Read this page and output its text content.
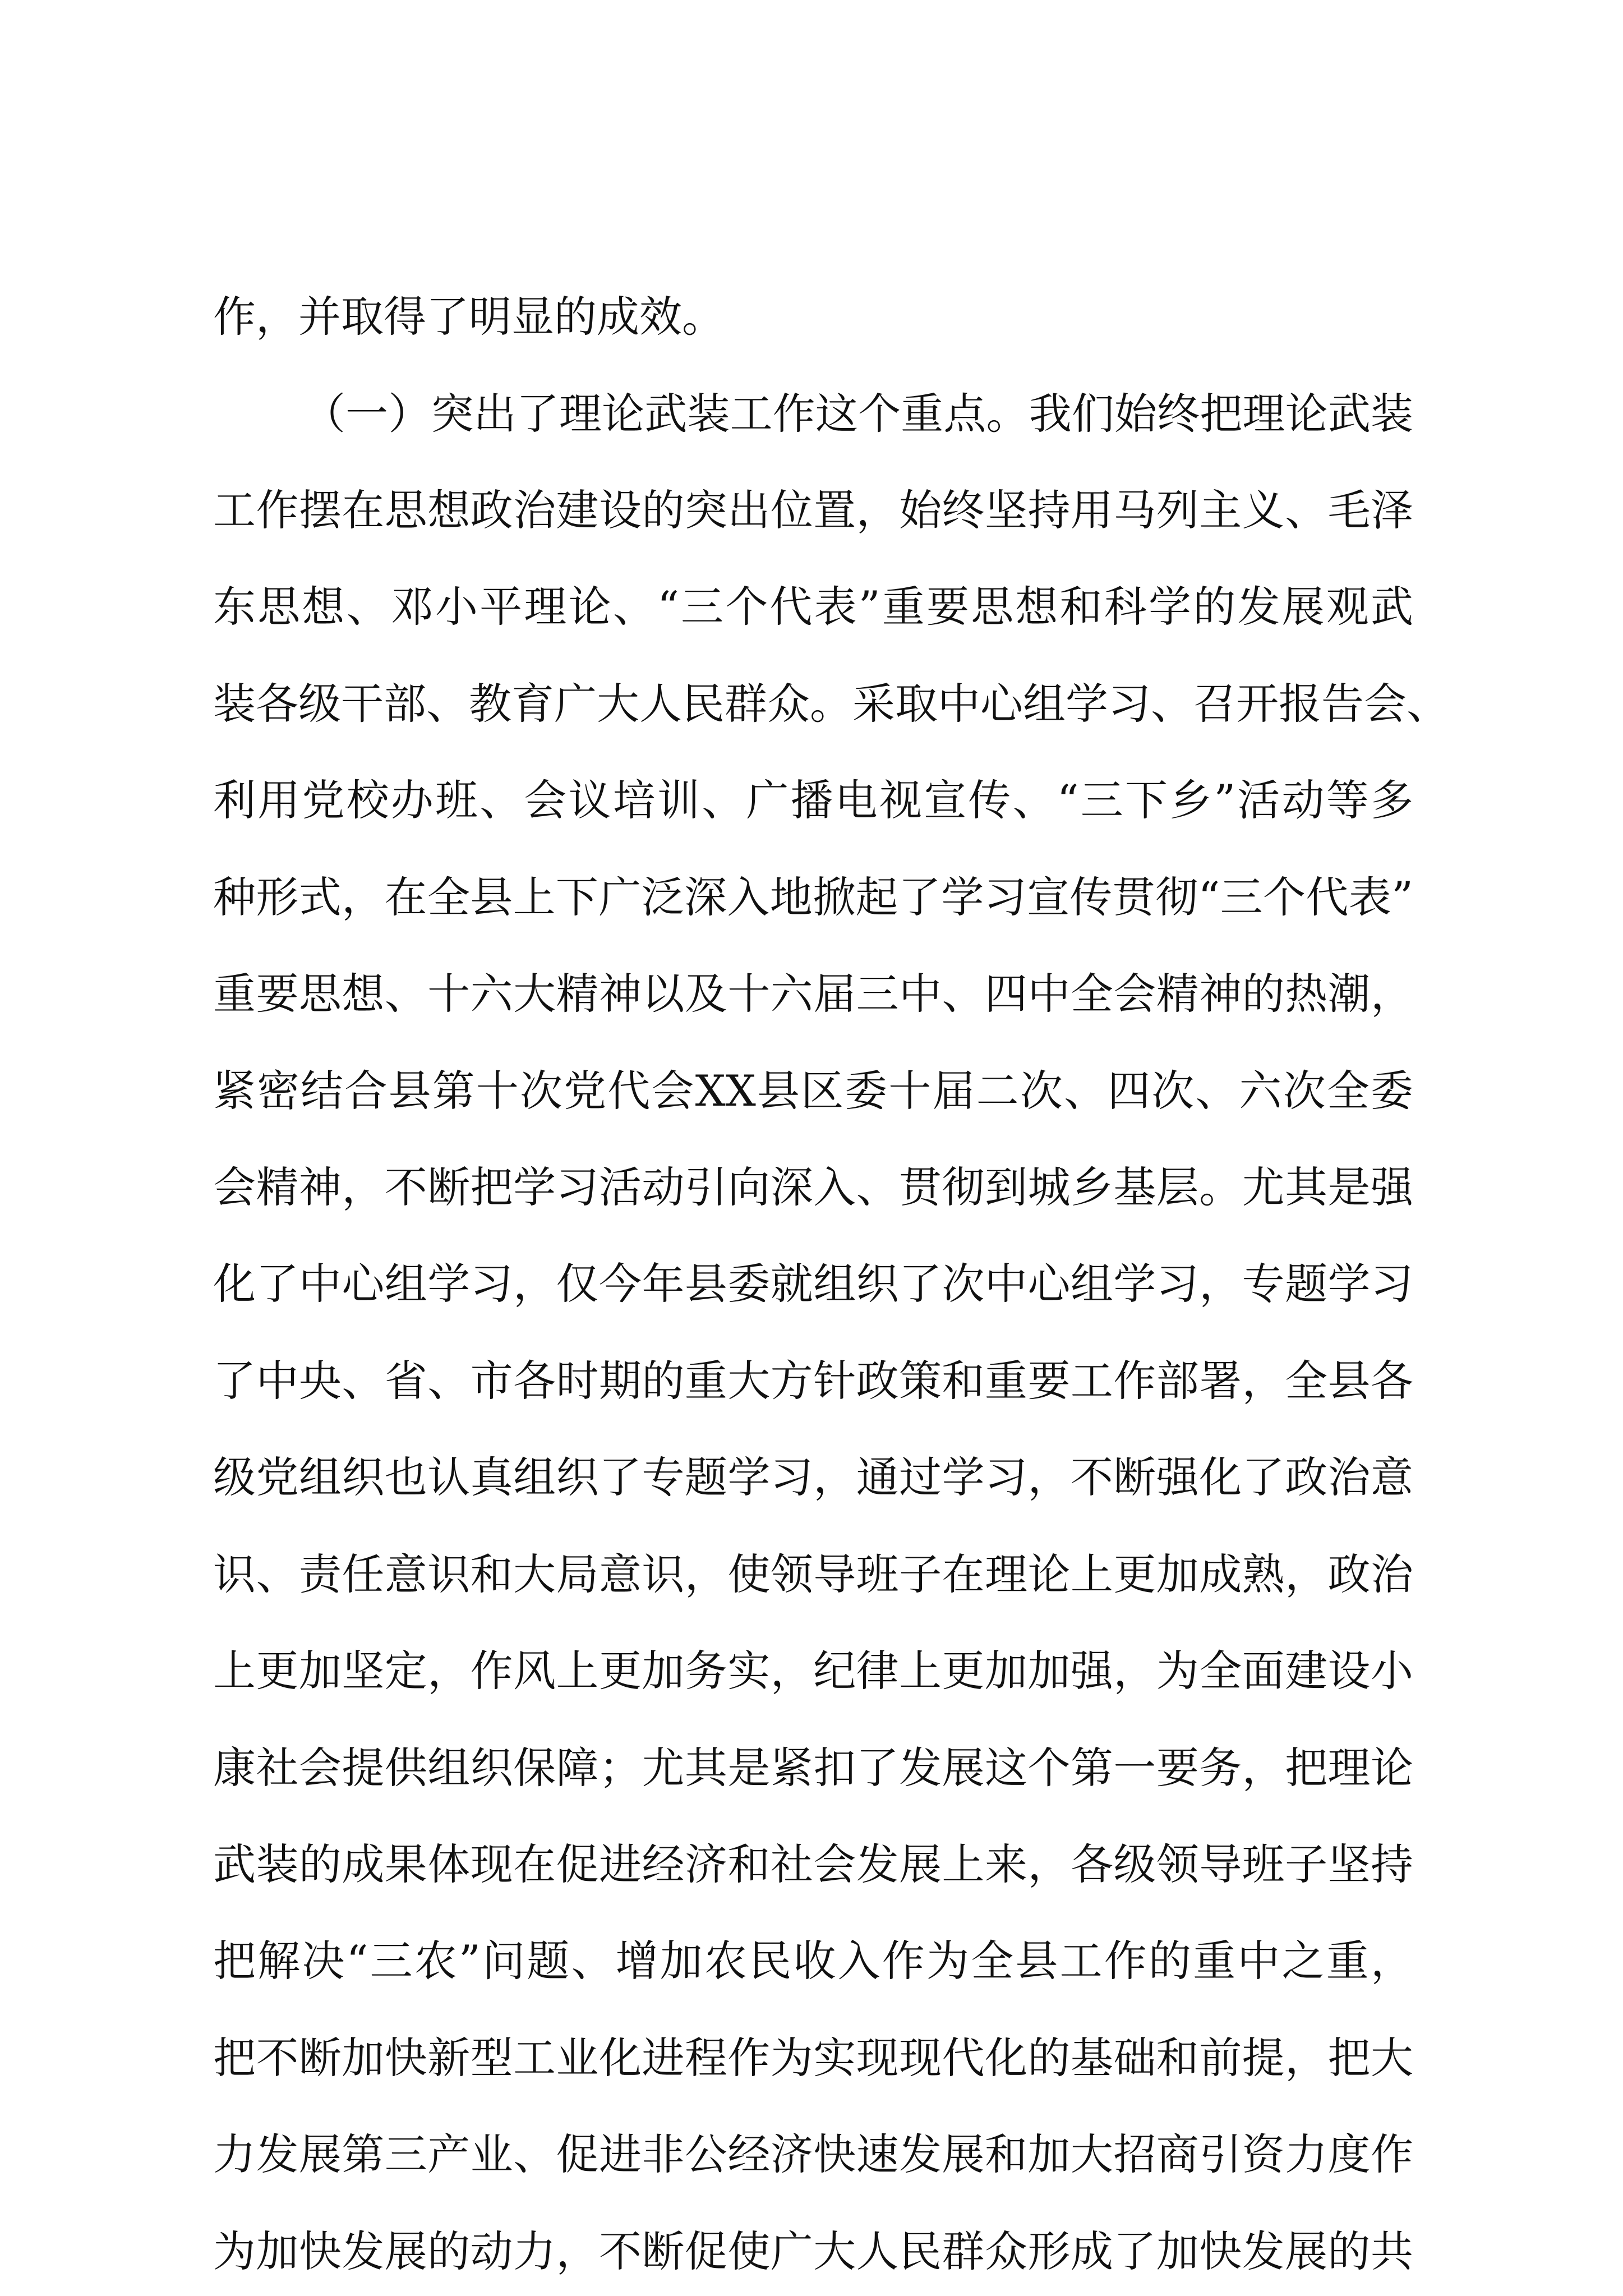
作，并取得了明显的成效。
（一）突出了理论武装工作这个重点。我们始终把理论武装
工作摆在思想政治建设的突出位置，始终坚持用马列主义、毛泽
东思想、邓小平理论、“三个代表”重要思想和科学的发展观武
装各级干部、教育广大人民群众。采取中心组学习、召开报告会、
利用党校办班、会议培训、广播电视宣传、“三下乡”活动等多
种形式，在全县上下广泛深入地掀起了学习宣传贯彻“三个代表”
重要思想、十六大精神以及十六届三中、四中全会精神的热潮，
紧密结合县第十次党代会XX县区委十届二次、四次、六次全委
会精神，不断把学习活动引向深入、贯彻到城乡基层。尤其是强
化了中心组学习，仅今年县委就组织了次中心组学习，专题学习
了中央、省、市各时期的重大方针政策和重要工作部署，全县各
级党组织也认真组织了专题学习，通过学习，不断强化了政治意
识、责任意识和大局意识，使领导班子在理论上更加成熟，政治
上更加坚定，作风上更加务实，纪律上更加加强，为全面建设小
康社会提供组织保障；尤其是紧扣了发展这个第一要务，把理论
武装的成果体现在促进经济和社会发展上来，各级领导班子坚持
把解决“三农”问题、增加农民收入作为全县工作的重中之重，
把不断加快新型工业化进程作为实现现代化的基础和前提，把大
力发展第三产业、促进非公经济快速发展和加大招商引资力度作
为加快发展的动力，不断促使广大人民群众形成了加快发展的共
